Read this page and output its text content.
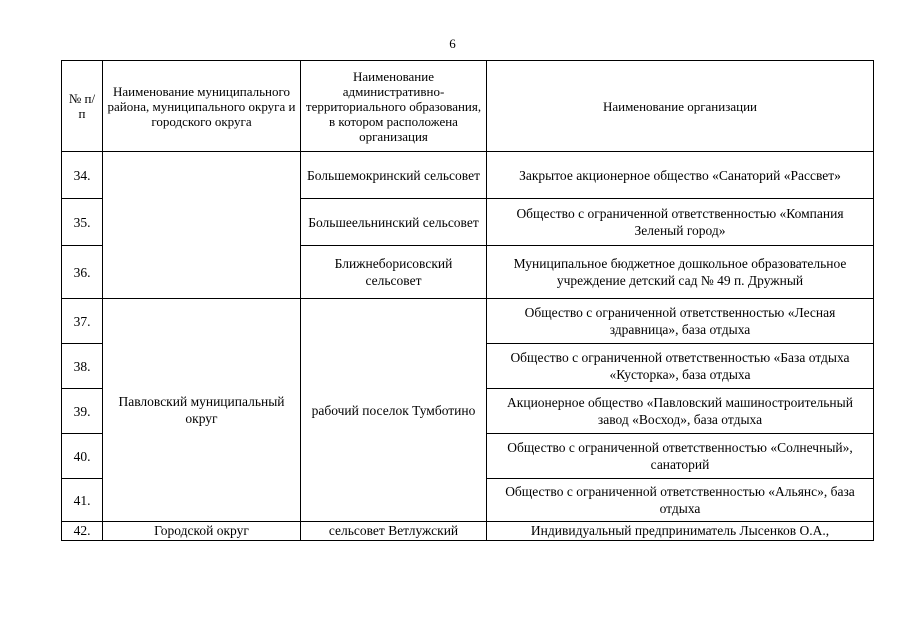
6
№ п/п	Наименование муниципального района, муниципального округа и городского округа	Наименование административно-территориального образования, в котором расположена организация	Наименование организации
34.		Большемокринский сельсовет	Закрытое акционерное общество «Санаторий «Рассвет»
35.		Большеельнинский сельсовет	Общество с ограниченной ответственностью «Компания Зеленый город»
36.		Ближнеборисовский сельсовет	Муниципальное бюджетное дошкольное образовательное учреждение детский сад № 49 п. Дружный
37.	Павловский муниципальный округ	рабочий поселок Тумботино	Общество с ограниченной ответственностью «Лесная здравница», база отдыха
38.			Общество с ограниченной ответственностью «База отдыха «Кусторка», база отдыха
39.			Акционерное общество «Павловский машиностроительный завод «Восход», база отдыха
40.			Общество с ограниченной ответственностью «Солнечный», санаторий
41.			Общество с ограниченной ответственностью «Альянс», база отдыха
42.	Городской округ	сельсовет Ветлужский	Индивидуальный предприниматель Лысенков О.А.,
